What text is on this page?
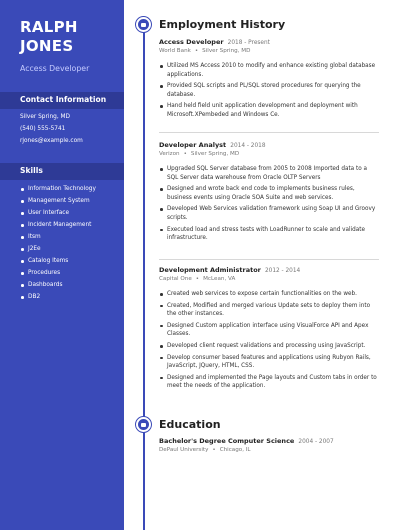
RALPH
JONES
Access Developer
Contact Information
Silver Spring, MD
(540) 555-5741
rjones@example.com
Skills
Information Technology
Management System
User Interface
Incident Management
Itsm
J2Ee
Catalog Items
Procedures
Dashboards
DB2
Employment History
Access Developer 2018 - Present
World Bank • Silver Spring, MD
Utilized MS Access 2010 to modify and enhance existing global database applications.
Provided SQL scripts and PL/SQL stored procedures for querying the database.
Hand held field unit application development and deployment with Microsoft.XPembeded and Windows Ce.
Developer Analyst 2014 - 2018
Verizon • Silver Spring, MD
Upgraded SQL Server database from 2005 to 2008 Imported data to a SQL Server data warehouse from Oracle OLTP Servers
Designed and wrote back end code to implements business rules, business events using Oracle SOA Suite and web services.
Developed Web Services validation framework using Soap UI and Groovy scripts.
Executed load and stress tests with LoadRunner to scale and validate infrastructure.
Development Administrator 2012 - 2014
Capital One • McLean, VA
Created web services to expose certain functionalities on the web.
Created, Modified and merged various Update sets to deploy them into the other instances.
Designed Custom application interface using VisualForce API and Apex Classes.
Developed client request validations and processing using JavaScript.
Develop consumer based features and applications using Rubyon Rails, JavaScript, JQuery, HTML, CSS.
Designed and implemented the Page layouts and Custom tabs in order to meet the needs of the application.
Education
Bachelor's Degree Computer Science 2004 - 2007
DePaul University • Chicago, IL
